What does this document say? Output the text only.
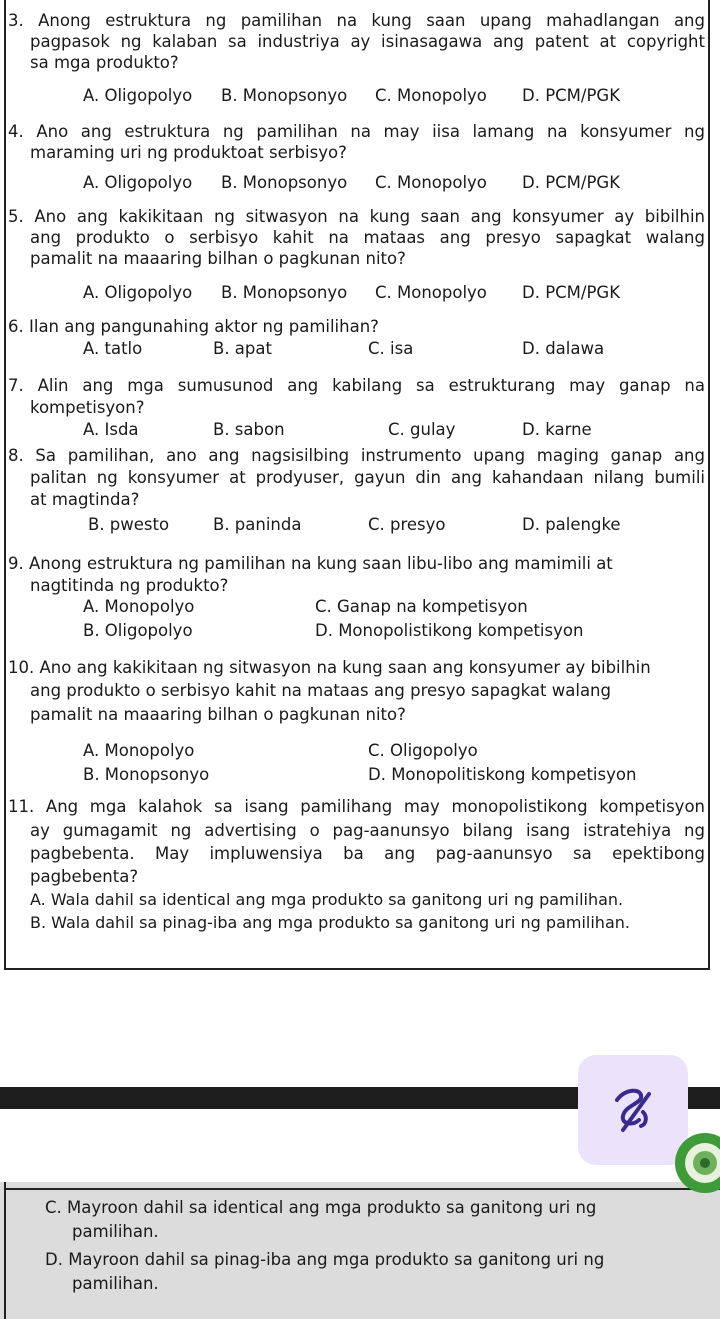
3. Anong estruktura ng pamilihan na kung saan upang mahadlangan ang
pagpasok ng kalaban sa industriya ay isinasagawa ang patent at copyright
sa mga produkto?
A. Oligopolyo B. Monopsonyo C. Monopolyo D. PCM/PGK
4. Ano ang estruktura ng pamilihan na may iisa lamang na konsyumer ng
maraming uri ng produktoat serbisyo?
A. Oligopolyo B. Monopsonyo C. Monopolyo D. PCM/PGK
5. Ano ang kakikitaan ng sitwasyon na kung saan ang konsyumer ay bibilhin
ang produkto o serbisyo kahit na mataas ang presyo sapagkat walang
pamalit na maaaring bilhan o pagkunan nito?
A. Oligopolyo B. Monopsonyo C. Monopolyo D. PCM/PGK
6. Ilan ang pangunahing aktor ng pamilihan?
A. tatlo	B. apat	C. isa	D. dalawa
7. Alin ang mga sumusunod ang kabilang sa estrukturang may ganap na
kompetisyon?
A. Isda	B. sabon	C. gulay	D. karne
8. Sa pamilihan, ano ang nagsisilbing instrumento upang maging ganap ang
palitan ng konsyumer at prodyuser, gayun din ang kahandaan nilang bumili
at magtinda?
B. pwesto	B. paninda	C. presyo	D. palengke
9. Anong estruktura ng pamilihan na kung saan libu-libo ang mamimili at
nagtitinda ng produkto?
A. Monopolyo	C. Ganap na kompetisyon
B. Oligopolyo	D. Monopolistikong kompetisyon
10. Ano ang kakikitaan ng sitwasyon na kung saan ang konsyumer ay bibilhin
ang produkto o serbisyo kahit na mataas ang presyo sapagkat walang
pamalit na maaaring bilhan o pagkunan nito?
A. Monopolyo	C. Oligopolyo
B. Monopsonyo	D. Monopolitiskong kompetisyon
11. Ang mga kalahok sa isang pamilihang may monopolistikong kompetisyon
ay gumagamit ng advertising o pag-aanunsyo bilang isang istratehiya ng
pagbebenta. May impluwensiya ba ang pag-aanunsyo sa epektibong
pagbebenta?
A. Wala dahil sa identical ang mga produkto sa ganitong uri ng pamilihan.
B. Wala dahil sa pinag-iba ang mga produkto sa ganitong uri ng pamilihan.
C. Mayroon dahil sa identical ang mga produkto sa ganitong uri ng
pamilihan.
D. Mayroon dahil sa pinag-iba ang mga produkto sa ganitong uri ng
pamilihan.
